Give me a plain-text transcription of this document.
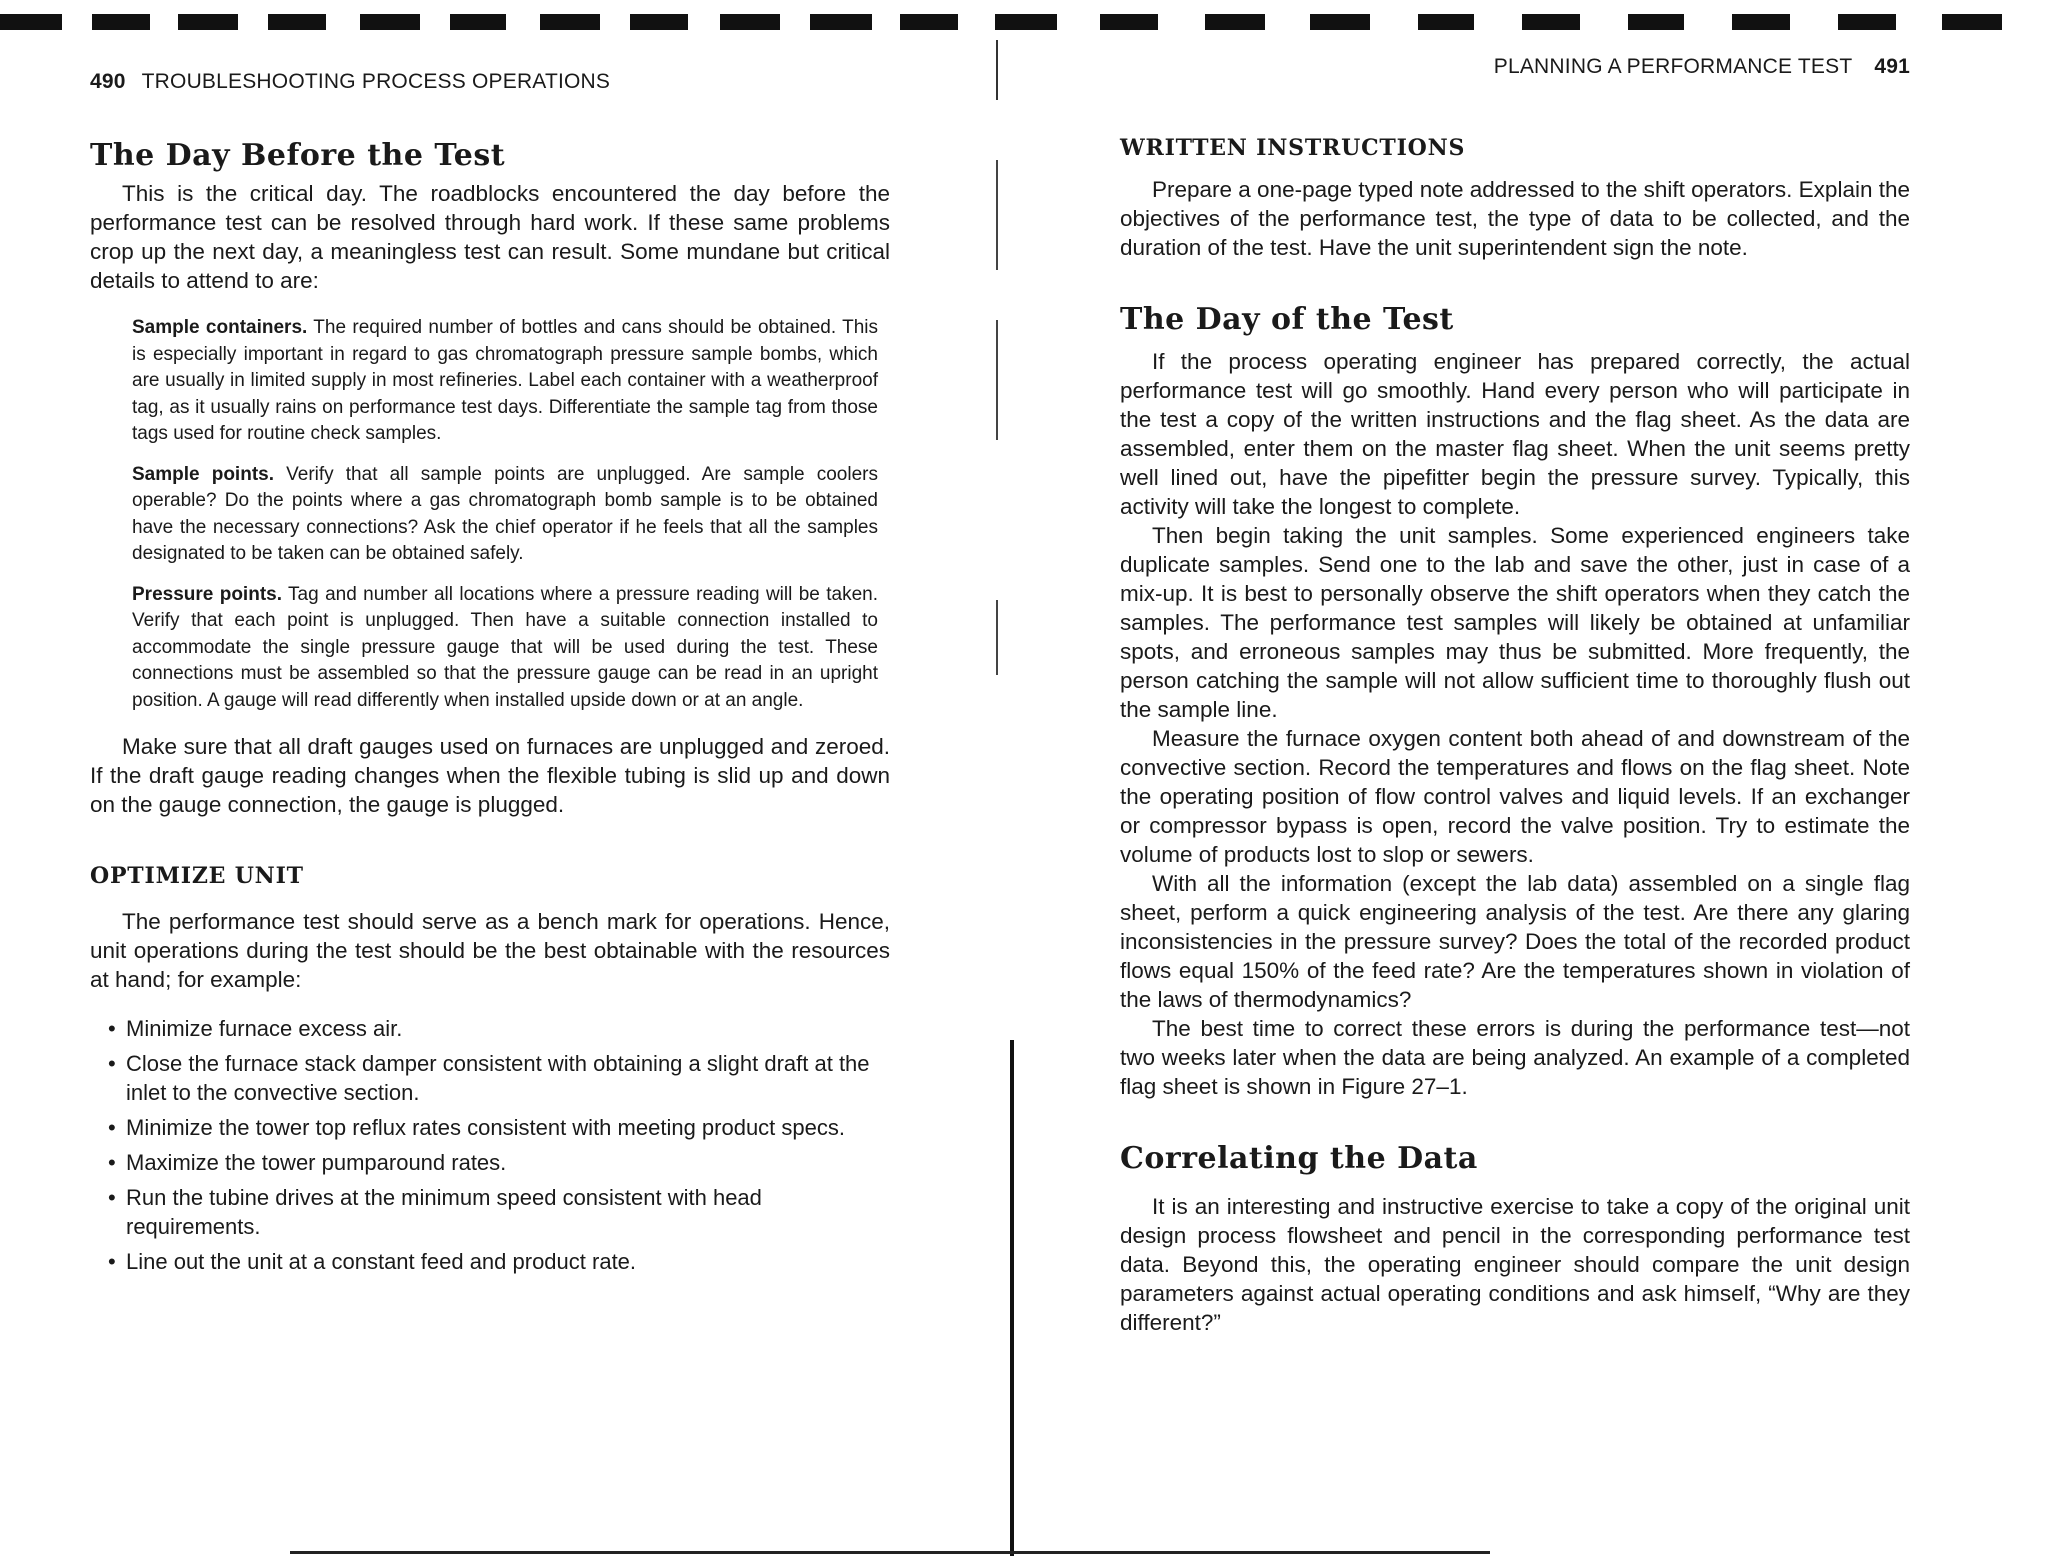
490 TROUBLESHOOTING PROCESS OPERATIONS

The Day Before the Test

This is the critical day. The roadblocks encountered the day before the performance test can be resolved through hard work. If these same problems crop up the next day, a meaningless test can result. Some mundane but critical details to attend to are:

Sample containers. The required number of bottles and cans should be obtained. This is especially important in regard to gas chromatograph pressure sample bombs, which are usually in limited supply in most refineries. Label each container with a weatherproof tag, as it usually rains on performance test days. Differentiate the sample tag from those tags used for routine check samples.

Sample points. Verify that all sample points are unplugged. Are sample coolers operable? Do the points where a gas chromatograph bomb sample is to be obtained have the necessary connections? Ask the chief operator if he feels that all the samples designated to be taken can be obtained safely.

Pressure points. Tag and number all locations where a pressure reading will be taken. Verify that each point is unplugged. Then have a suitable connection installed to accommodate the single pressure gauge that will be used during the test. These connections must be assembled so that the pressure gauge can be read in an upright position. A gauge will read differently when installed upside down or at an angle.

Make sure that all draft gauges used on furnaces are unplugged and zeroed. If the draft gauge reading changes when the flexible tubing is slid up and down on the gauge connection, the gauge is plugged.

OPTIMIZE UNIT

The performance test should serve as a bench mark for operations. Hence, unit operations during the test should be the best obtainable with the resources at hand; for example:

• Minimize furnace excess air.
• Close the furnace stack damper consistent with obtaining a slight draft at the inlet to the convective section.
• Minimize the tower top reflux rates consistent with meeting product specs.
• Maximize the tower pumparound rates.
• Run the tubine drives at the minimum speed consistent with head requirements.
• Line out the unit at a constant feed and product rate.

PLANNING A PERFORMANCE TEST 491

WRITTEN INSTRUCTIONS

Prepare a one-page typed note addressed to the shift operators. Explain the objectives of the performance test, the type of data to be collected, and the duration of the test. Have the unit superintendent sign the note.

The Day of the Test

If the process operating engineer has prepared correctly, the actual performance test will go smoothly. Hand every person who will participate in the test a copy of the written instructions and the flag sheet. As the data are assembled, enter them on the master flag sheet. When the unit seems pretty well lined out, have the pipefitter begin the pressure survey. Typically, this activity will take the longest to complete.

Then begin taking the unit samples. Some experienced engineers take duplicate samples. Send one to the lab and save the other, just in case of a mix-up. It is best to personally observe the shift operators when they catch the samples. The performance test samples will likely be obtained at unfamiliar spots, and erroneous samples may thus be submitted. More frequently, the person catching the sample will not allow sufficient time to thoroughly flush out the sample line.

Measure the furnace oxygen content both ahead of and downstream of the convective section. Record the temperatures and flows on the flag sheet. Note the operating position of flow control valves and liquid levels. If an exchanger or compressor bypass is open, record the valve position. Try to estimate the volume of products lost to slop or sewers.

With all the information (except the lab data) assembled on a single flag sheet, perform a quick engineering analysis of the test. Are there any glaring inconsistencies in the pressure survey? Does the total of the recorded product flows equal 150% of the feed rate? Are the temperatures shown in violation of the laws of thermodynamics?

The best time to correct these errors is during the performance test—not two weeks later when the data are being analyzed. An example of a completed flag sheet is shown in Figure 27–1.

Correlating the Data

It is an interesting and instructive exercise to take a copy of the original unit design process flowsheet and pencil in the corresponding performance test data. Beyond this, the operating engineer should compare the unit design parameters against actual operating conditions and ask himself, “Why are they different?”
